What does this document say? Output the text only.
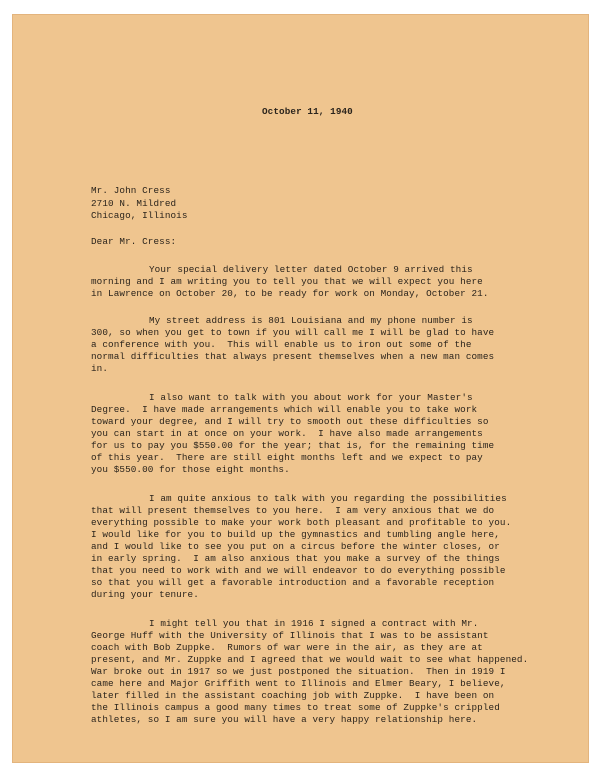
October 11, 1940
Mr. John Cress
2710 N. Mildred
Chicago, Illinois
Dear Mr. Cress:
Your special delivery letter dated October 9 arrived this
morning and I am writing you to tell you that we will expect you here
in Lawrence on October 20, to be ready for work on Monday, October 21.
My street address is 801 Louisiana and my phone number is
300, so when you get to town if you will call me I will be glad to have
a conference with you.  This will enable us to iron out some of the
normal difficulties that always present themselves when a new man comes
in.
I also want to talk with you about work for your Master's
Degree.  I have made arrangements which will enable you to take work
toward your degree, and I will try to smooth out these difficulties so
you can start in at once on your work.  I have also made arrangements
for us to pay you $550.00 for the year; that is, for the remaining time
of this year.  There are still eight months left and we expect to pay
you $550.00 for those eight months.
I am quite anxious to talk with you regarding the possibilities
that will present themselves to you here.  I am very anxious that we do
everything possible to make your work both pleasant and profitable to you.
I would like for you to build up the gymnastics and tumbling angle here,
and I would like to see you put on a circus before the winter closes, or
in early spring.  I am also anxious that you make a survey of the things
that you need to work with and we will endeavor to do everything possible
so that you will get a favorable introduction and a favorable reception
during your tenure.
I might tell you that in 1916 I signed a contract with Mr.
George Huff with the University of Illinois that I was to be assistant
coach with Bob Zuppke.  Rumors of war were in the air, as they are at
present, and Mr. Zuppke and I agreed that we would wait to see what happened.
War broke out in 1917 so we just postponed the situation.  Then in 1919 I
came here and Major Griffith went to Illinois and Elmer Beary, I believe,
later filled in the assistant coaching job with Zuppke.  I have been on
the Illinois campus a good many times to treat some of Zuppke's crippled
athletes, so I am sure you will have a very happy relationship here.
